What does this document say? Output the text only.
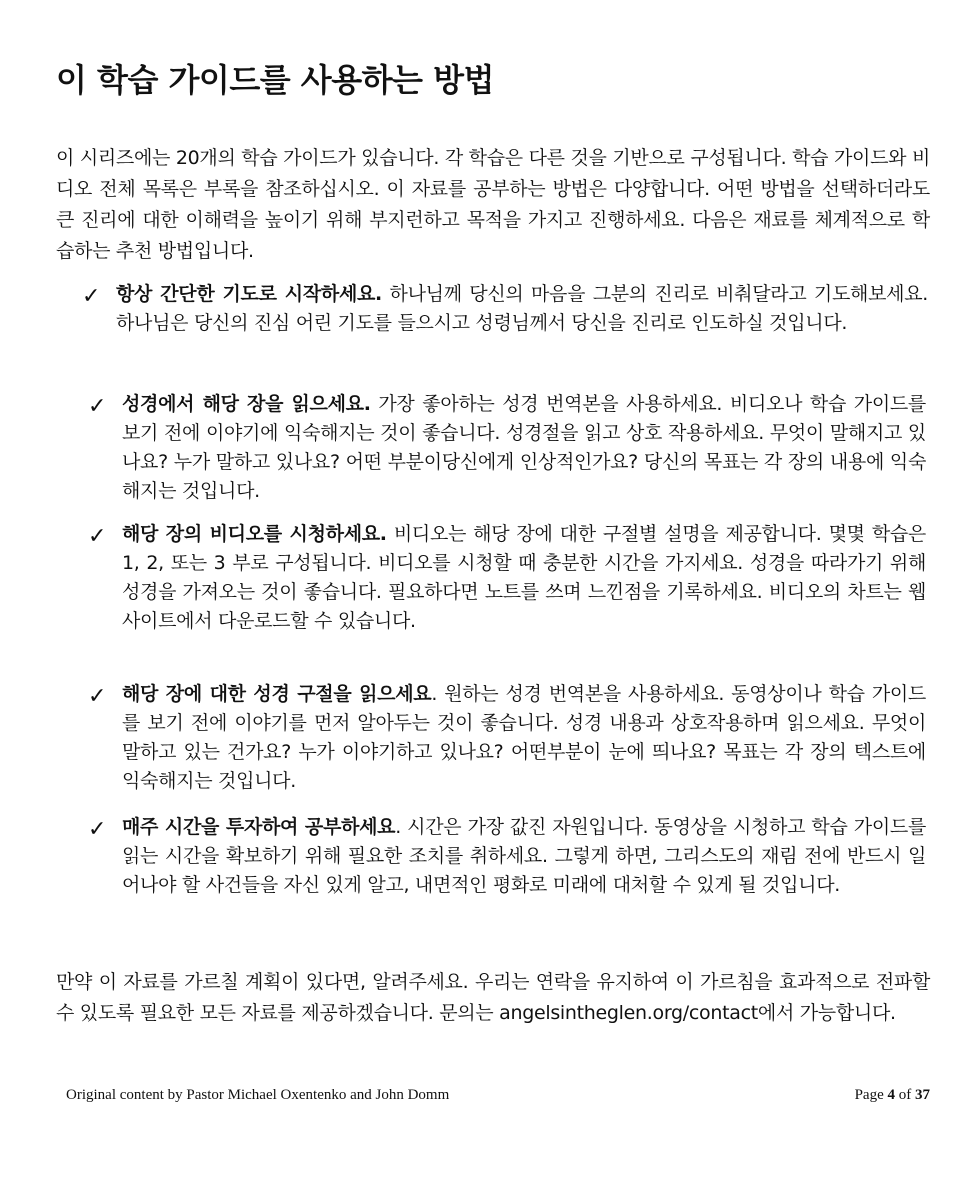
이 학습 가이드를 사용하는 방법

이 시리즈에는 20개의 학습 가이드가 있습니다. 각 학습은 다른 것을 기반으로 구성됩니다. 학습 가이드와 비디오 전체 목록은 부록을 참조하십시오. 이 자료를 공부하는 방법은 다양합니다. 어떤 방법을 선택하더라도 큰 진리에 대한 이해력을 높이기 위해 부지런하고 목적을 가지고 진행하세요. 다음은 재료를 체계적으로 학습하는 추천 방법입니다.

✓ 항상 간단한 기도로 시작하세요. 하나님께 당신의 마음을 그분의 진리로 비춰달라고 기도해보세요. 하나님은 당신의 진심 어린 기도를 들으시고 성령님께서 당신을 진리로 인도하실 것입니다.

✓ 성경에서 해당 장을 읽으세요. 가장 좋아하는 성경 번역본을 사용하세요. 비디오나 학습 가이드를 보기 전에 이야기에 익숙해지는 것이 좋습니다. 성경절을 읽고 상호 작용하세요. 무엇이 말해지고 있나요? 누가 말하고 있나요? 어떤 부분이당신에게 인상적인가요? 당신의 목표는 각 장의 내용에 익숙해지는 것입니다.

✓ 해당 장의 비디오를 시청하세요. 비디오는 해당 장에 대한 구절별 설명을 제공합니다. 몇몇 학습은 1, 2, 또는 3 부로 구성됩니다. 비디오를 시청할 때 충분한 시간을 가지세요. 성경을 따라가기 위해 성경을 가져오는 것이 좋습니다. 필요하다면 노트를 쓰며 느낀점을 기록하세요. 비디오의 차트는 웹사이트에서 다운로드할 수 있습니다.

✓ 해당 장에 대한 성경 구절을 읽으세요. 원하는 성경 번역본을 사용하세요. 동영상이나 학습 가이드를 보기 전에 이야기를 먼저 알아두는 것이 좋습니다. 성경 내용과 상호작용하며 읽으세요. 무엇이 말하고 있는 건가요? 누가 이야기하고 있나요? 어떤부분이 눈에 띄나요? 목표는 각 장의 텍스트에 익숙해지는 것입니다.

✓ 매주 시간을 투자하여 공부하세요. 시간은 가장 값진 자원입니다. 동영상을 시청하고 학습 가이드를 읽는 시간을 확보하기 위해 필요한 조치를 취하세요. 그렇게 하면, 그리스도의 재림 전에 반드시 일어나야 할 사건들을 자신 있게 알고, 내면적인 평화로 미래에 대처할 수 있게 될 것입니다.

만약 이 자료를 가르칠 계획이 있다면, 알려주세요. 우리는 연락을 유지하여 이 가르침을 효과적으로 전파할 수 있도록 필요한 모든 자료를 제공하겠습니다. 문의는 angelsintheglen.org/contact에서 가능합니다.

Original content by Pastor Michael Oxentenko and John Domm	Page 4 of 37
